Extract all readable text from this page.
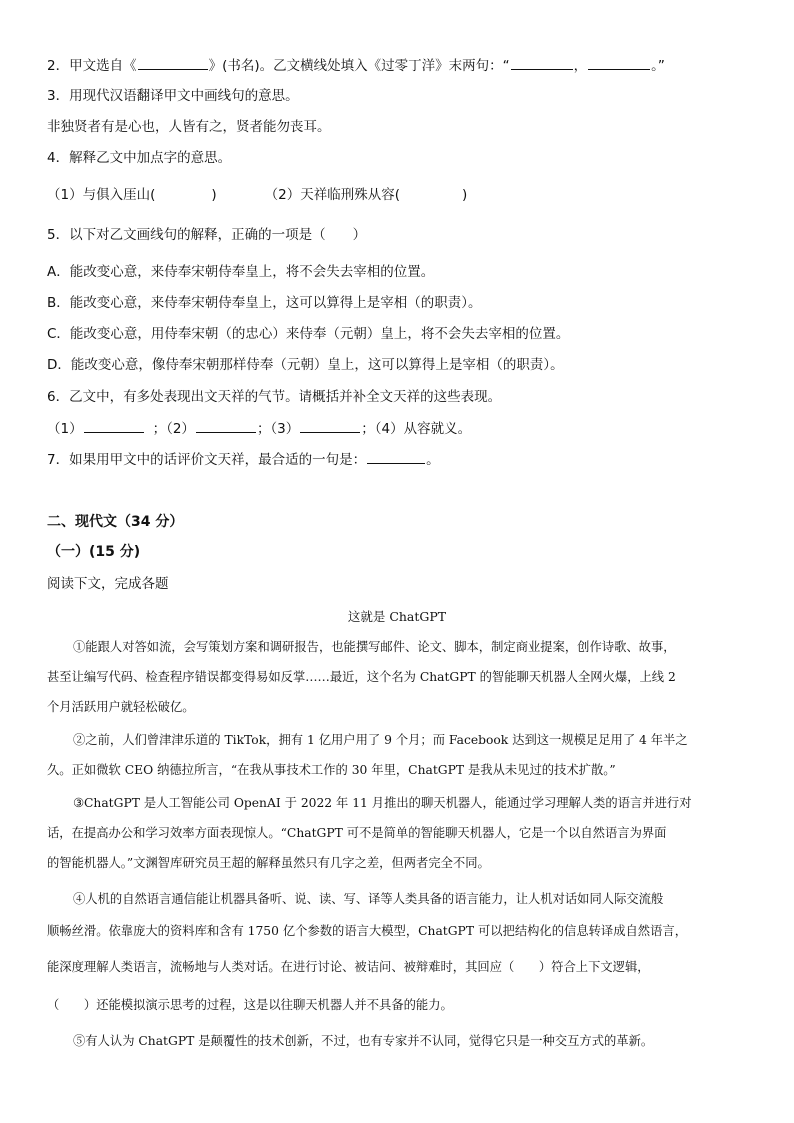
2．甲文选自《	》(书名)。乙文横线处填入《过零丁洋》末两句：“	，	。”
3．用现代汉语翻译甲文中画线句的意思。
非独贤者有是心也，人皆有之，贤者能勿丧耳。
4．解释乙文中加点字的意思。
（1）与俱入厓山(	)	（2）天祥临刑殊从容(	)
5．以下对乙文画线句的解释，正确的一项是（　　）
A．能改变心意，来侍奉宋朝侍奉皇上，将不会失去宰相的位置。
B．能改变心意，来侍奉宋朝侍奉皇上，这可以算得上是宰相（的职责）。
C．能改变心意，用侍奉宋朝（的忠心）来侍奉（元朝）皇上，将不会失去宰相的位置。
D．能改变心意，像侍奉宋朝那样侍奉（元朝）皇上，这可以算得上是宰相（的职责）。
6．乙文中，有多处表现出文天祥的气节。请概括并补全文天祥的这些表现。
（1）	；（2）	；（3）	；（4）从容就义。
7．如果用甲文中的话评价文天祥，最合适的一句是：	。
二、现代文（34 分）
（一）(15 分)
阅读下文，完成各题
这就是 ChatGPT
①能跟人对答如流，会写策划方案和调研报告，也能撰写邮件、论文、脚本，制定商业提案，创作诗歌、故事，
甚至让编写代码、检查程序错误都变得易如反掌……最近，这个名为 ChatGPT 的智能聊天机器人全网火爆，上线 2
个月活跃用户就轻松破亿。
②之前，人们曾津津乐道的 TikTok，拥有 1 亿用户用了 9 个月；而 Facebook 达到这一规模足足用了 4 年半之
久。正如微软 CEO 纳德拉所言，“在我从事技术工作的 30 年里，ChatGPT 是我从未见过的技术扩散。”
③ChatGPT 是人工智能公司 OpenAI 于 2022 年 11 月推出的聊天机器人，能通过学习理解人类的语言并进行对
话，在提高办公和学习效率方面表现惊人。“ChatGPT 可不是简单的智能聊天机器人，它是一个以自然语言为界面
的智能机器人。”文渊智库研究员王超的解释虽然只有几字之差，但两者完全不同。
④人机的自然语言通信能让机器具备听、说、读、写、译等人类具备的语言能力，让人机对话如同人际交流般
顺畅丝滑。依靠庞大的资料库和含有 1750 亿个参数的语言大模型，ChatGPT 可以把结构化的信息转译成自然语言，
能深度理解人类语言，流畅地与人类对话。在进行讨论、被诘问、被辩难时，其回应（　　）符合上下文逻辑，
（　　）还能模拟演示思考的过程，这是以往聊天机器人并不具备的能力。
⑤有人认为 ChatGPT 是颠覆性的技术创新，不过，也有专家并不认同，觉得它只是一种交互方式的革新。
